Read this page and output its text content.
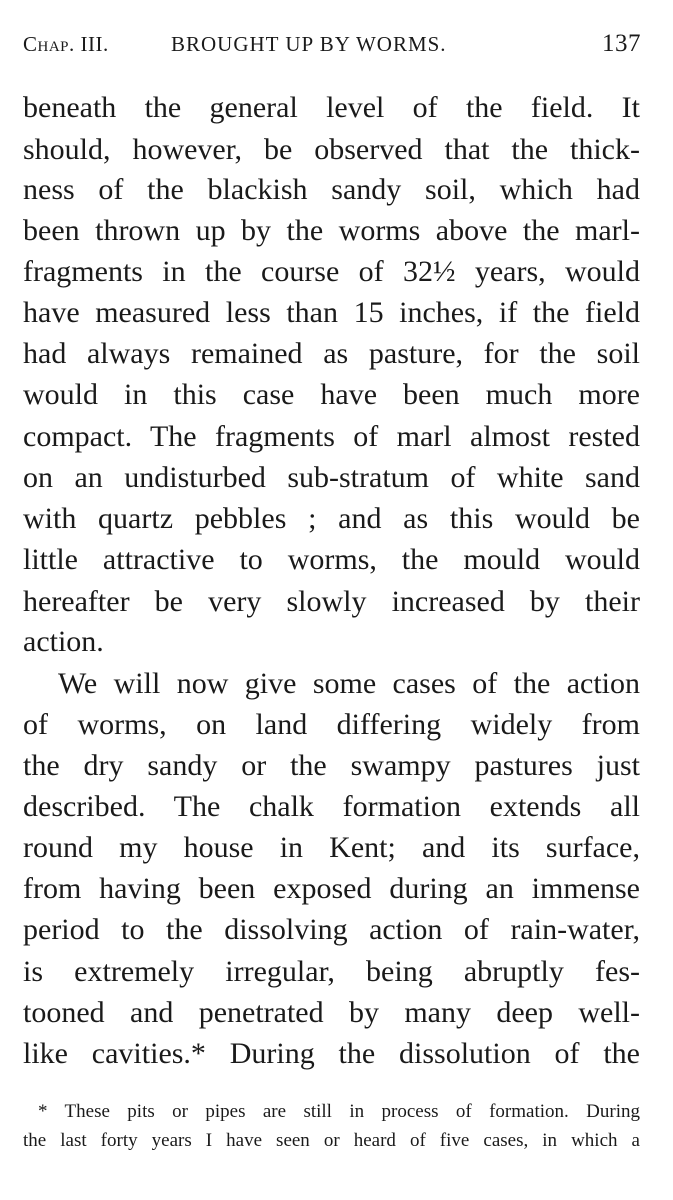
Chap. III.	BROUGHT UP BY WORMS.	137
beneath the general level of the field. It
should, however, be observed that the thick-
ness of the blackish sandy soil, which had
been thrown up by the worms above the marl-
fragments in the course of 32½ years, would
have measured less than 15 inches, if the field
had always remained as pasture, for the soil
would in this case have been much more
compact. The fragments of marl almost rested
on an undisturbed sub-stratum of white sand
with quartz pebbles ; and as this would be
little attractive to worms, the mould would
hereafter be very slowly increased by their
action.
We will now give some cases of the action
of worms, on land differing widely from
the dry sandy or the swampy pastures just
described. The chalk formation extends all
round my house in Kent; and its surface,
from having been exposed during an immense
period to the dissolving action of rain-water,
is extremely irregular, being abruptly fes-
tooned and penetrated by many deep well-
like cavities.* During the dissolution of the
* These pits or pipes are still in process of formation. During
the last forty years I have seen or heard of five cases, in which a
